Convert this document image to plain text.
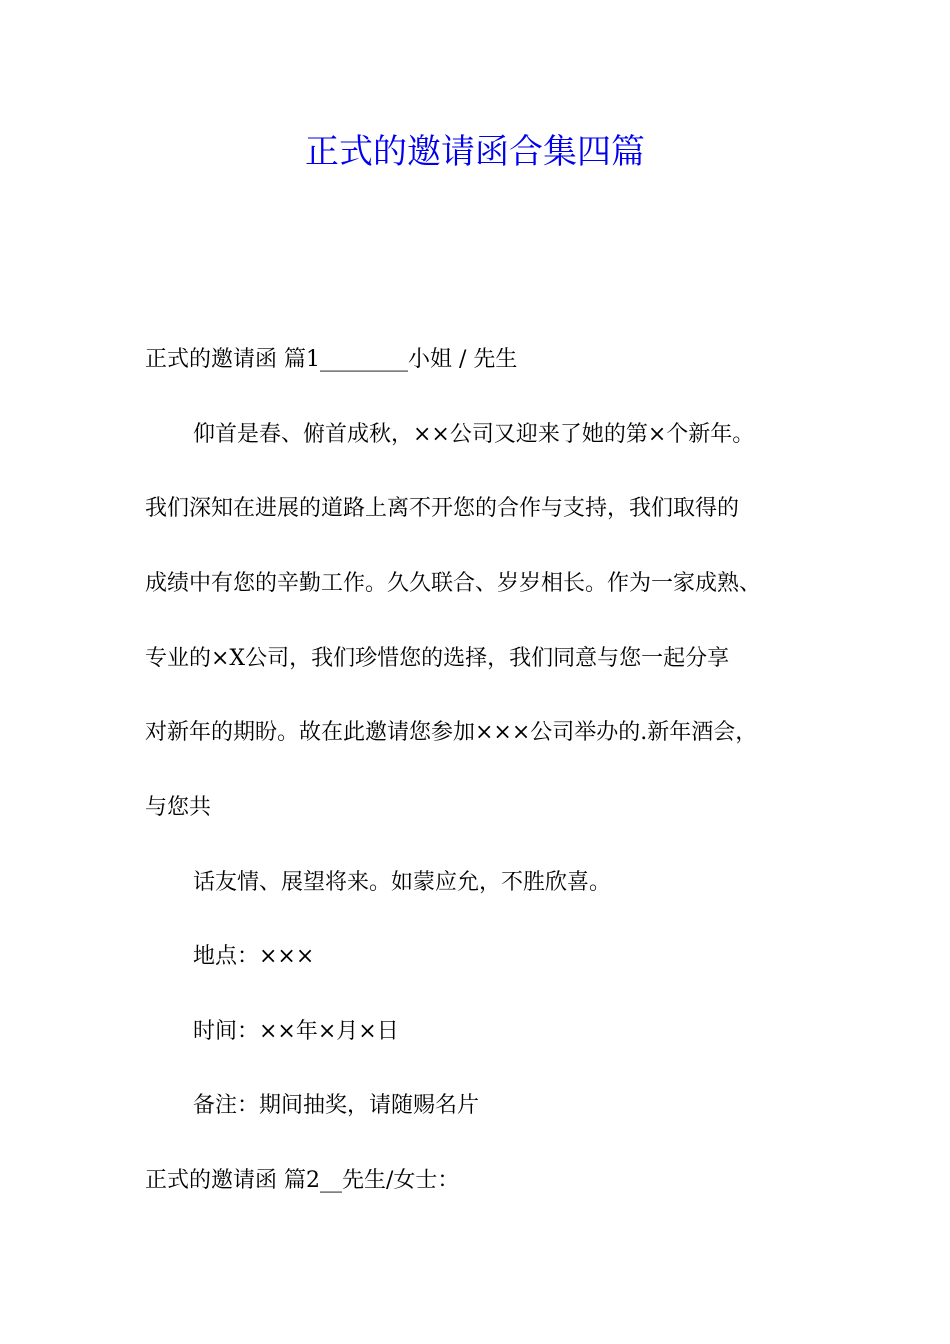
正式的邀请函合集四篇

正式的邀请函 篇1________小姐 / 先生

仰首是春、俯首成秋，××公司又迎来了她的第×个新年。

我们深知在进展的道路上离不开您的合作与支持，我们取得的

成绩中有您的辛勤工作。久久联合、岁岁相长。作为一家成熟、

专业的×X公司，我们珍惜您的选择，我们同意与您一起分享

对新年的期盼。故在此邀请您参加×××公司举办的.新年酒会，

与您共

话友情、展望将来。如蒙应允，不胜欣喜。

地点：×××

时间：××年×月×日

备注：期间抽奖，请随赐名片

正式的邀请函 篇2__先生/女士：
